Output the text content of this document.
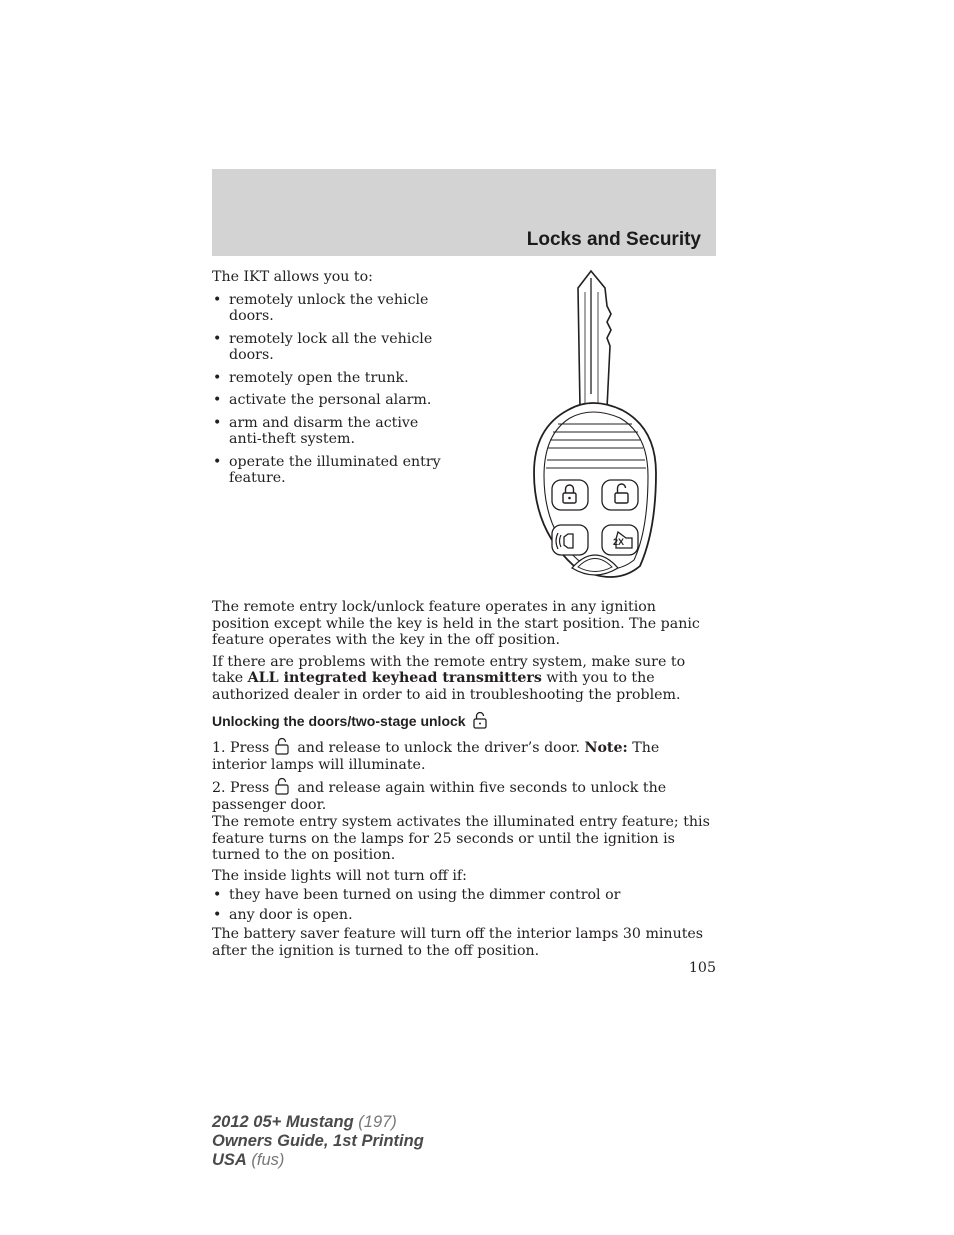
Locks and Security

The IKT allows you to:

• remotely unlock the vehicle doors.
• remotely lock all the vehicle doors.
• remotely open the trunk.
• activate the personal alarm.
• arm and disarm the active anti-theft system.
• operate the illuminated entry feature.
2X

The remote entry lock/unlock feature operates in any ignition position except while the key is held in the start position. The panic feature operates with the key in the off position.

If there are problems with the remote entry system, make sure to take ALL integrated keyhead transmitters with you to the authorized dealer in order to aid in troubleshooting the problem.

Unlocking the doors/two-stage unlock
1. Press and release to unlock the driver’s door. Note: The interior lamps will illuminate.
2. Press and release again within five seconds to unlock the passenger door.

The remote entry system activates the illuminated entry feature; this feature turns on the lamps for 25 seconds or until the ignition is turned to the on position.

The inside lights will not turn off if:

• they have been turned on using the dimmer control or
• any door is open.

The battery saver feature will turn off the interior lamps 30 minutes after the ignition is turned to the off position.

105
2012 05+ Mustang (197)
Owners Guide, 1st Printing
USA (fus)
